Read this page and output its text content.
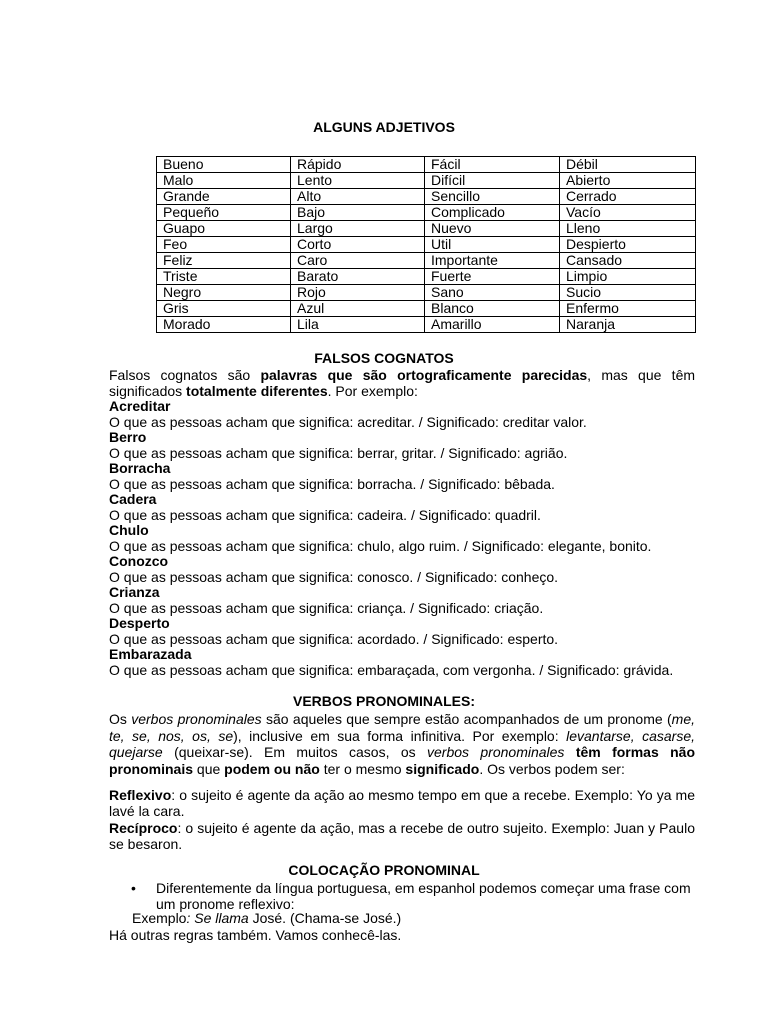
ALGUNS ADJETIVOS
Bueno	Rápido	Fácil	Débil
Malo	Lento	Difícil	Abierto
Grande	Alto	Sencillo	Cerrado
Pequeño	Bajo	Complicado	Vacío
Guapo	Largo	Nuevo	Lleno
Feo	Corto	Util	Despierto
Feliz	Caro	Importante	Cansado
Triste	Barato	Fuerte	Limpio
Negro	Rojo	Sano	Sucio
Gris	Azul	Blanco	Enfermo
Morado	Lila	Amarillo	Naranja
FALSOS COGNATOS

Falsos cognatos são palavras que são ortograficamente parecidas, mas que têm

significados totalmente diferentes. Por exemplo:

Acreditar

O que as pessoas acham que significa: acreditar. / Significado: creditar valor.

Berro

O que as pessoas acham que significa: berrar, gritar. / Significado: agrião.

Borracha

O que as pessoas acham que significa: borracha. / Significado: bêbada.

Cadera

O que as pessoas acham que significa: cadeira. / Significado: quadril.

Chulo

O que as pessoas acham que significa: chulo, algo ruim. / Significado: elegante, bonito.

Conozco

O que as pessoas acham que significa: conosco. / Significado: conheço.

Crianza

O que as pessoas acham que significa: criança. / Significado: criação.

Desperto

O que as pessoas acham que significa: acordado. / Significado: esperto.

Embarazada

O que as pessoas acham que significa: embaraçada, com vergonha. / Significado: grávida.

VERBOS PRONOMINALES:
Os verbos pronominales são aqueles que sempre estão acompanhados de um pronome (me, te, se, nos, os, se), inclusive em sua forma infinitiva. Por exemplo: levantarse, casarse, quejarse (queixar-se). Em muitos casos, os verbos pronominales têm formas não pronominais que podem ou não ter o mesmo significado. Os verbos podem ser:
Reflexivo: o sujeito é agente da ação ao mesmo tempo em que a recebe. Exemplo: Yo ya me lavé la cara.
Recíproco: o sujeito é agente da ação, mas a recebe de outro sujeito. Exemplo: Juan y Paulo se besaron.
COLOCAÇÃO PRONOMINAL
• Diferentemente da língua portuguesa, em espanhol podemos começar uma frase com um pronome reflexivo:
Exemplo: Se llama José. (Chama-se José.)
Há outras regras também. Vamos conhecê-las.
